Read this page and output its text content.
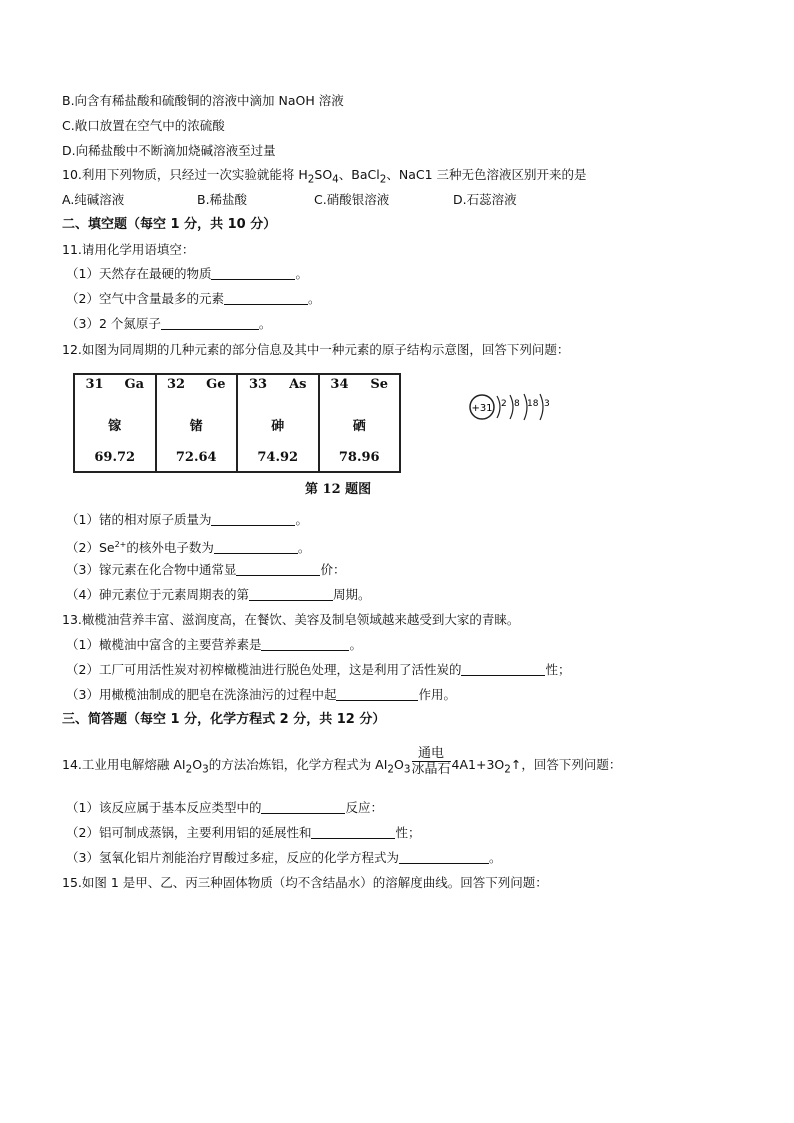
B.向含有稀盐酸和硫酸铜的溶液中滴加 NaOH 溶液
C.敞口放置在空气中的浓硫酸
D.向稀盐酸中不断滴加烧碱溶液至过量
10.利用下列物质，只经过一次实验就能将 $H_2SO_4$、BaCl$_2$、NaC1 三种无色溶液区别开来的是
A.纯碱溶液	B.稀盐酸	C.硝酸银溶液	D.石蕊溶液
二、填空题（每空 1 分，共 10 分）
11.请用化学用语填空：
（1）天然存在最硬的物质	。
（2）空气中含量最多的元素	。
（3）2 个氮原子	。
12.如图为同周期的几种元素的部分信息及其中一种元素的原子结构示意图，回答下列问题：
31 Ga
镓
69.72
32 Ge
锗
72.64
33 As
砷
74.92
34 Se
硒
78.96
+31 2 8 18 3
第 12 题图
（1）锗的相对原子质量为	。
$(2)Se^{2+}$的核外电子数为	。
（3）镓元素在化合物中通常显	价：
（4）砷元素位于元素周期表的第	周期。
13.橄榄油营养丰富、滋润度高，在餐饮、美容及制皂领域越来越受到大家的青睐。
（1）橄榄油中富含的主要营养素是	。
（2）工厂可用活性炭对初榨橄榄油进行脱色处理，这是利用了活性炭的	性；
（3）用橄榄油制成的肥皂在洗涤油污的过程中起	作用。
三、简答题（每空 1 分，化学方程式 2 分，共 12 分）
14.工业用电解熔融 $AI_2O_3$的方法冶炼铝，化学方程式为 $AI_2O_3 \frac{\text{通电}}{\text{冰晶石}}$ $4A1+3O_2↑$，回答下列问题：
（1）该反应属于基本反应类型中的	反应：
（2）铝可制成蒸锅，主要利用铝的延展性和	性；
（3）氢氧化铝片剂能治疗胃酸过多症，反应的化学方程式为	。
15.如图 1 是甲、乙、丙三种固体物质（均不含结晶水）的溶解度曲线。回答下列问题：
